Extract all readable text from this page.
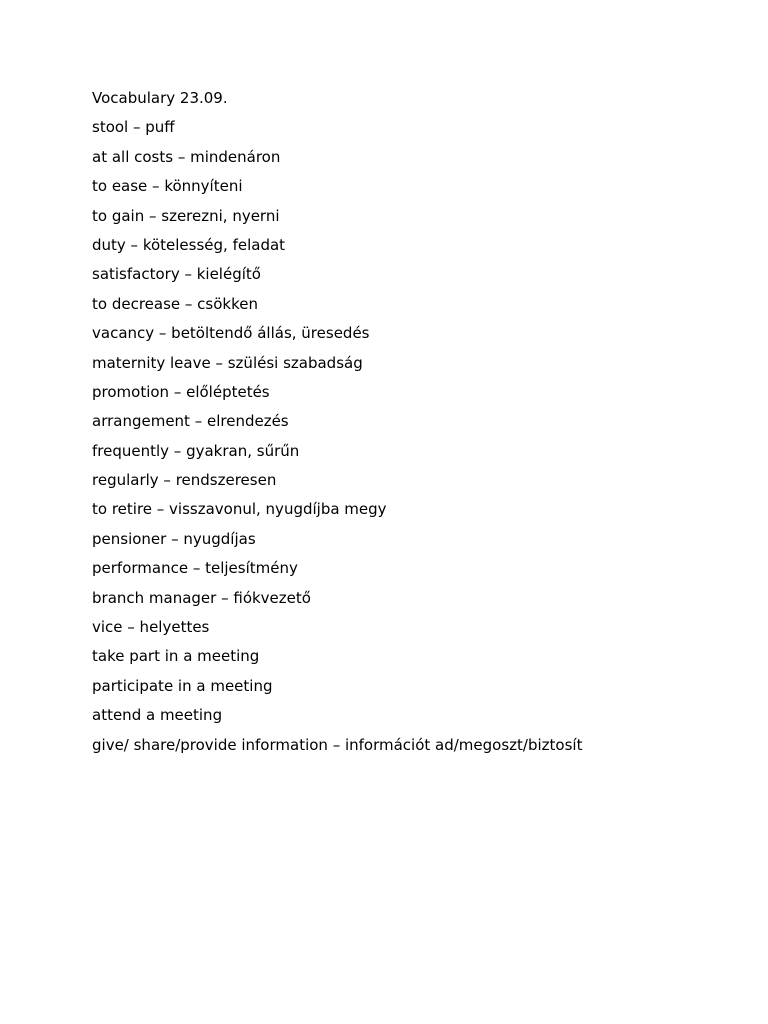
Vocabulary 23.09.

stool – puff
at all costs – mindenáron
to ease – könnyíteni
to gain – szerezni, nyerni
duty – kötelesség, feladat
satisfactory – kielégítő
to decrease – csökken
vacancy – betöltendő állás, üresedés
maternity leave – szülési szabadság
promotion – előléptetés
arrangement – elrendezés
frequently – gyakran, sűrűn
regularly – rendszeresen
to retire – visszavonul, nyugdíjba megy
pensioner – nyugdíjas
performance – teljesítmény
branch manager – fiókvezető
vice – helyettes
take part in a meeting
participate in a meeting
attend a meeting
give/ share/provide information – információt ad/megoszt/biztosít
